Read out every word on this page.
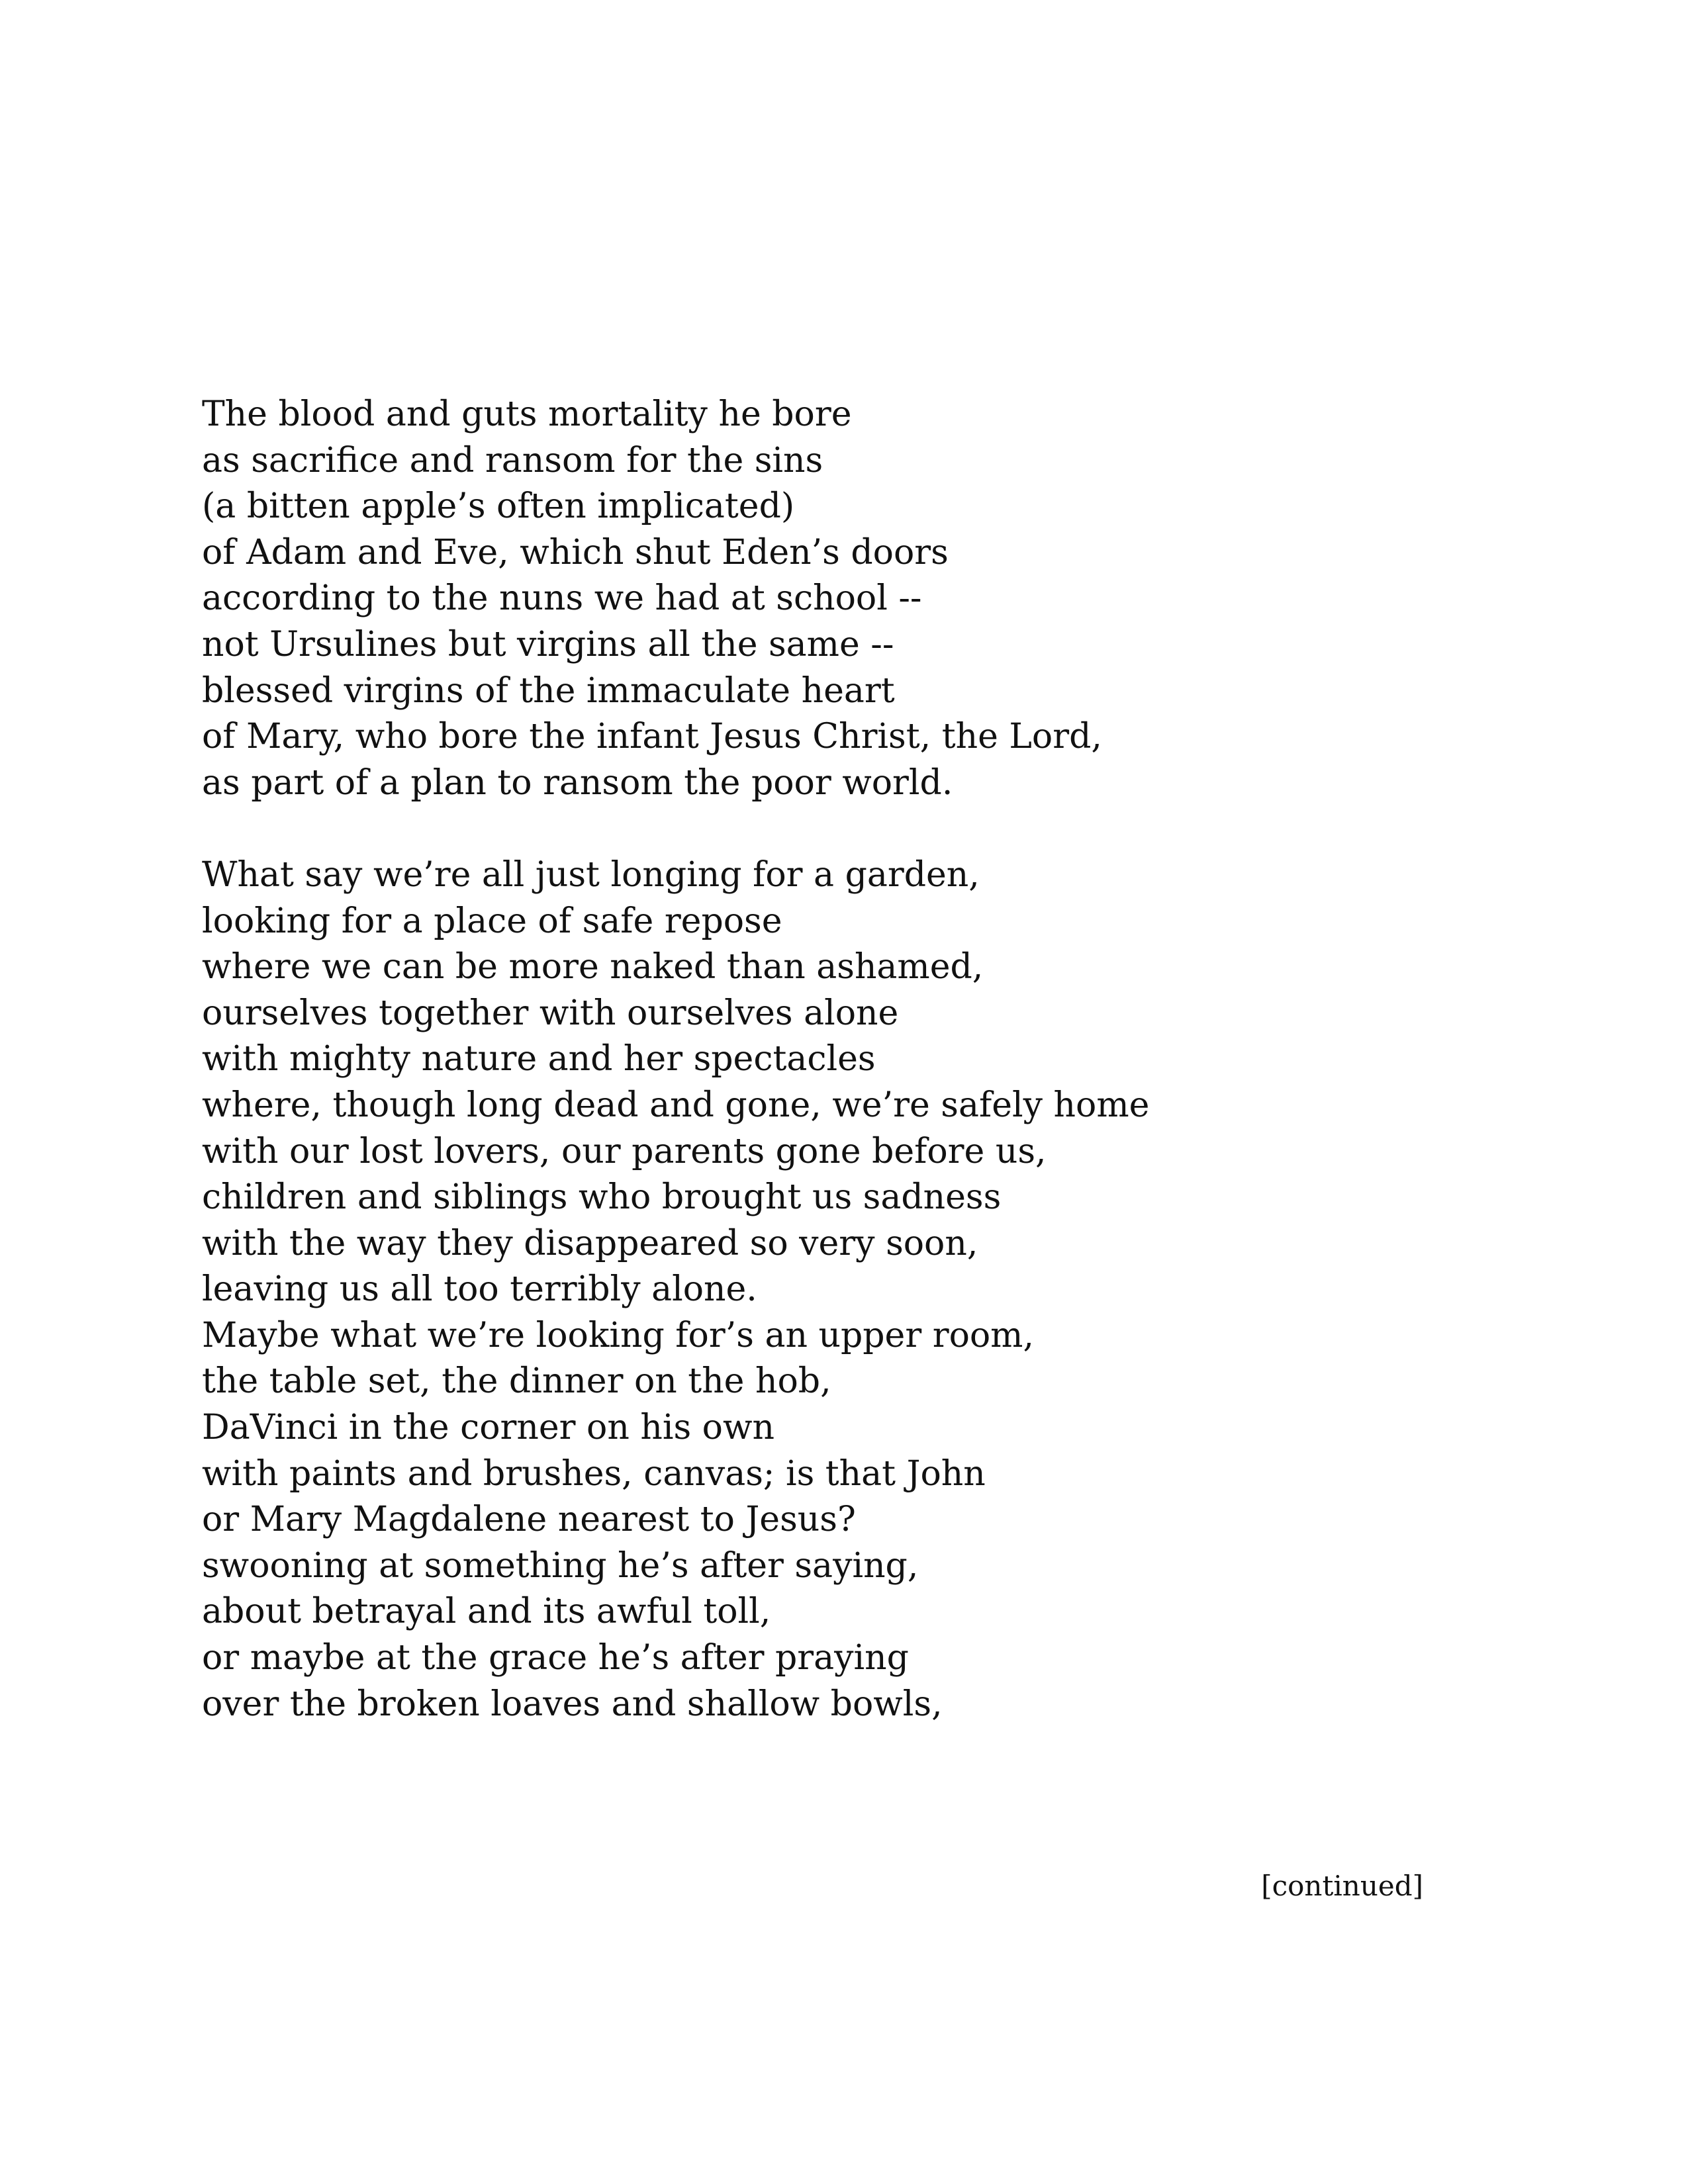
The blood and guts mortality he bore
as sacrifice and ransom for the sins
(a bitten apple’s often implicated)
of Adam and Eve, which shut Eden’s doors
according to the nuns we had at school --
not Ursulines but virgins all the same --
blessed virgins of the immaculate heart
of Mary, who bore the infant Jesus Christ, the Lord,
as part of a plan to ransom the poor world.
What say we’re all just longing for a garden,
looking for a place of safe repose
where we can be more naked than ashamed,
ourselves together with ourselves alone
with mighty nature and her spectacles
where, though long dead and gone, we’re safely home
with our lost lovers, our parents gone before us,
children and siblings who brought us sadness
with the way they disappeared so very soon,
leaving us all too terribly alone.
Maybe what we’re looking for’s an upper room,
the table set, the dinner on the hob,
DaVinci in the corner on his own
with paints and brushes, canvas; is that John
or Mary Magdalene nearest to Jesus?
swooning at something he’s after saying,
about betrayal and its awful toll,
or maybe at the grace he’s after praying
over the broken loaves and shallow bowls,
[continued]
